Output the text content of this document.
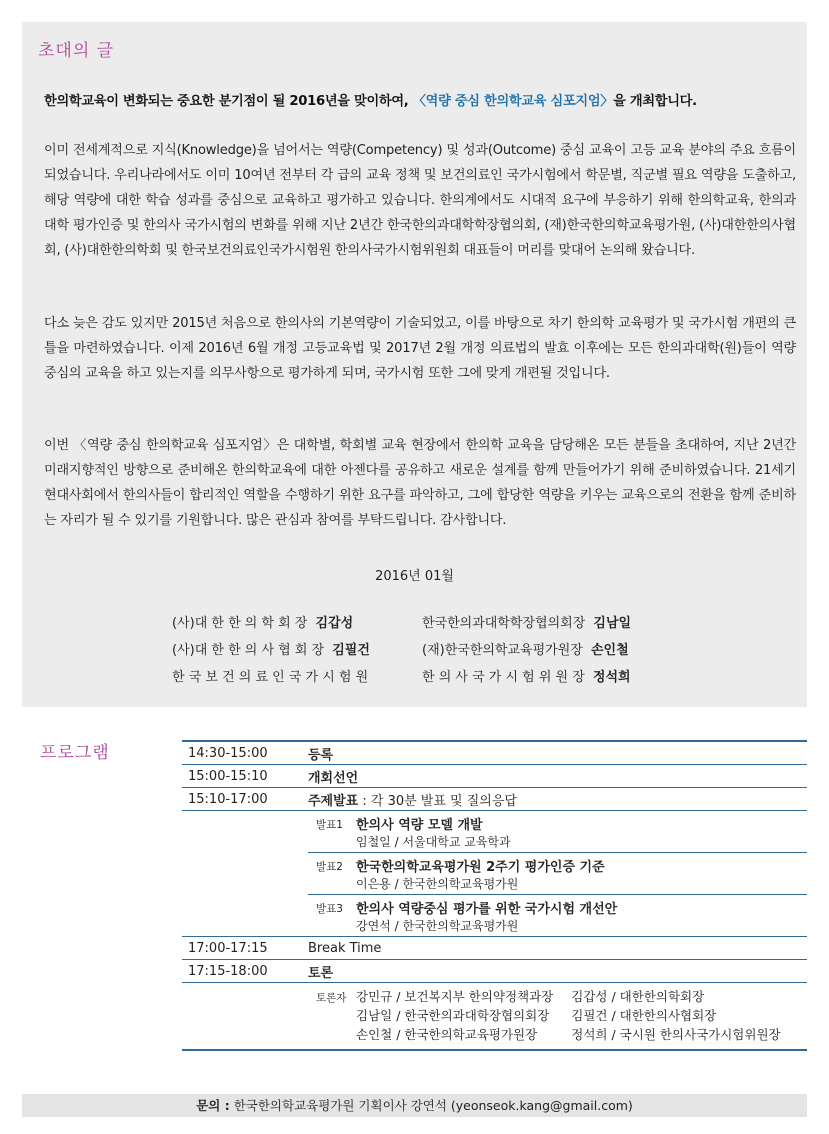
초대의 글
한의학교육이 변화되는 중요한 분기점이 될 2016년을 맞이하여, 〈역량 중심 한의학교육 심포지엄〉을 개최합니다.
이미 전세계적으로 지식(Knowledge)을 넘어서는 역량(Competency) 및 성과(Outcome) 중심 교육이 고등 교육 분야의 주요 흐름이 되었습니다. 우리나라에서도 이미 10여년 전부터 각 급의 교육 정책 및 보건의료인 국가시험에서 학문별, 직군별 필요 역량을 도출하고, 해당 역량에 대한 학습 성과를 중심으로 교육하고 평가하고 있습니다. 한의계에서도 시대적 요구에 부응하기 위해 한의학교육, 한의과대학 평가인증 및 한의사 국가시험의 변화를 위해 지난 2년간 한국한의과대학학장협의회, (재)한국한의학교육평가원, (사)대한한의사협회, (사)대한한의학회 및 한국보건의료인국가시험원 한의사국가시험위원회 대표들이 머리를 맞대어 논의해 왔습니다.
다소 늦은 감도 있지만 2015년 처음으로 한의사의 기본역량이 기술되었고, 이를 바탕으로 차기 한의학 교육평가 및 국가시험 개편의 큰 틀을 마련하였습니다. 이제 2016년 6월 개정 고등교육법 및 2017년 2월 개정 의료법의 발효 이후에는 모든 한의과대학(원)들이 역량 중심의 교육을 하고 있는지를 의무사항으로 평가하게 되며, 국가시험 또한 그에 맞게 개편될 것입니다.
이번 〈역량 중심 한의학교육 심포지엄〉은 대학별, 학회별 교육 현장에서 한의학 교육을 담당해온 모든 분들을 초대하여, 지난 2년간 미래지향적인 방향으로 준비해온 한의학교육에 대한 아젠다를 공유하고 새로운 설계를 함께 만들어가기 위해 준비하였습니다. 21세기 현대사회에서 한의사들이 합리적인 역할을 수행하기 위한 요구를 파악하고, 그에 합당한 역량을 키우는 교육으로의 전환을 함께 준비하는 자리가 될 수 있기를 기원합니다. 많은 관심과 참여를 부탁드립니다. 감사합니다.
2016년 01월
(사)대 한 한 의 학 회 장 김갑성	한국한의과대학학장협의회장 김남일
(사)대 한 한 의 사 협 회 장 김필건	(재)한국한의학교육평가원장 손인철
한 국 보 건 의 료 인 국 가 시 험 원	한 의 사 국 가 시 험 위 원 장 정석희
프로그램	14:30-15:00	등록
15:00-15:10	개회선언
15:10-17:00	주제발표 : 각 30분 발표 및 질의응답
발표1	한의사 역량 모델 개발
임철일 / 서울대학교 교육학과
발표2	한국한의학교육평가원 2주기 평가인증 기준
이은용 / 한국한의학교육평가원
발표3	한의사 역량중심 평가를 위한 국가시험 개선안
강연석 / 한국한의학교육평가원
17:00-17:15	Break Time
17:15-18:00	토론
토론자 강민규 / 보건복지부 한의약정책과장 김갑성 / 대한한의학회장
김남일 / 한국한의과대학장협의회장	김필건 / 대한한의사협회장
손인철 / 한국한의학교육평가원장	정석희 / 국시원 한의사국가시험위원장
문의 : 한국한의학교육평가원 기획이사 강연석 (yeonseok.kang@gmail.com)
